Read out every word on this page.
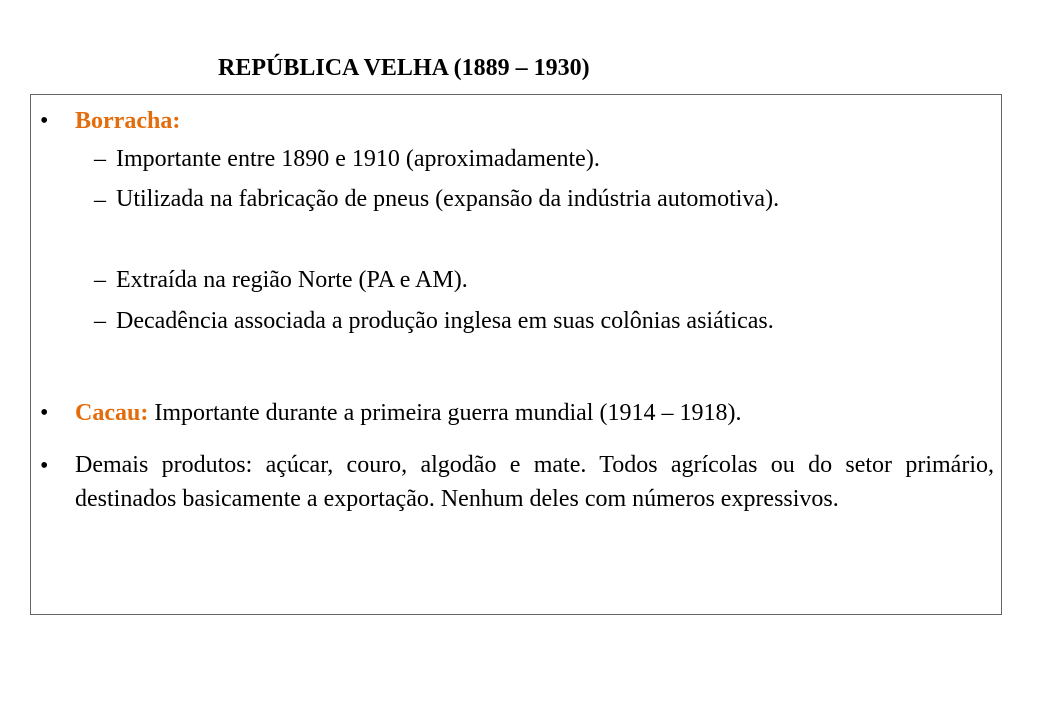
REPÚBLICA VELHA (1889 – 1930)
• Borracha:
– Importante entre 1890 e 1910 (aproximadamente).
– Utilizada na fabricação de pneus (expansão da indústria automotiva).
– Extraída na região Norte (PA e AM).
– Decadência associada a produção inglesa em suas colônias asiáticas.
• Cacau: Importante durante a primeira guerra mundial (1914 – 1918).
• Demais produtos: açúcar, couro, algodão e mate. Todos agrícolas ou do setor primário, destinados basicamente a exportação. Nenhum deles com números expressivos.
